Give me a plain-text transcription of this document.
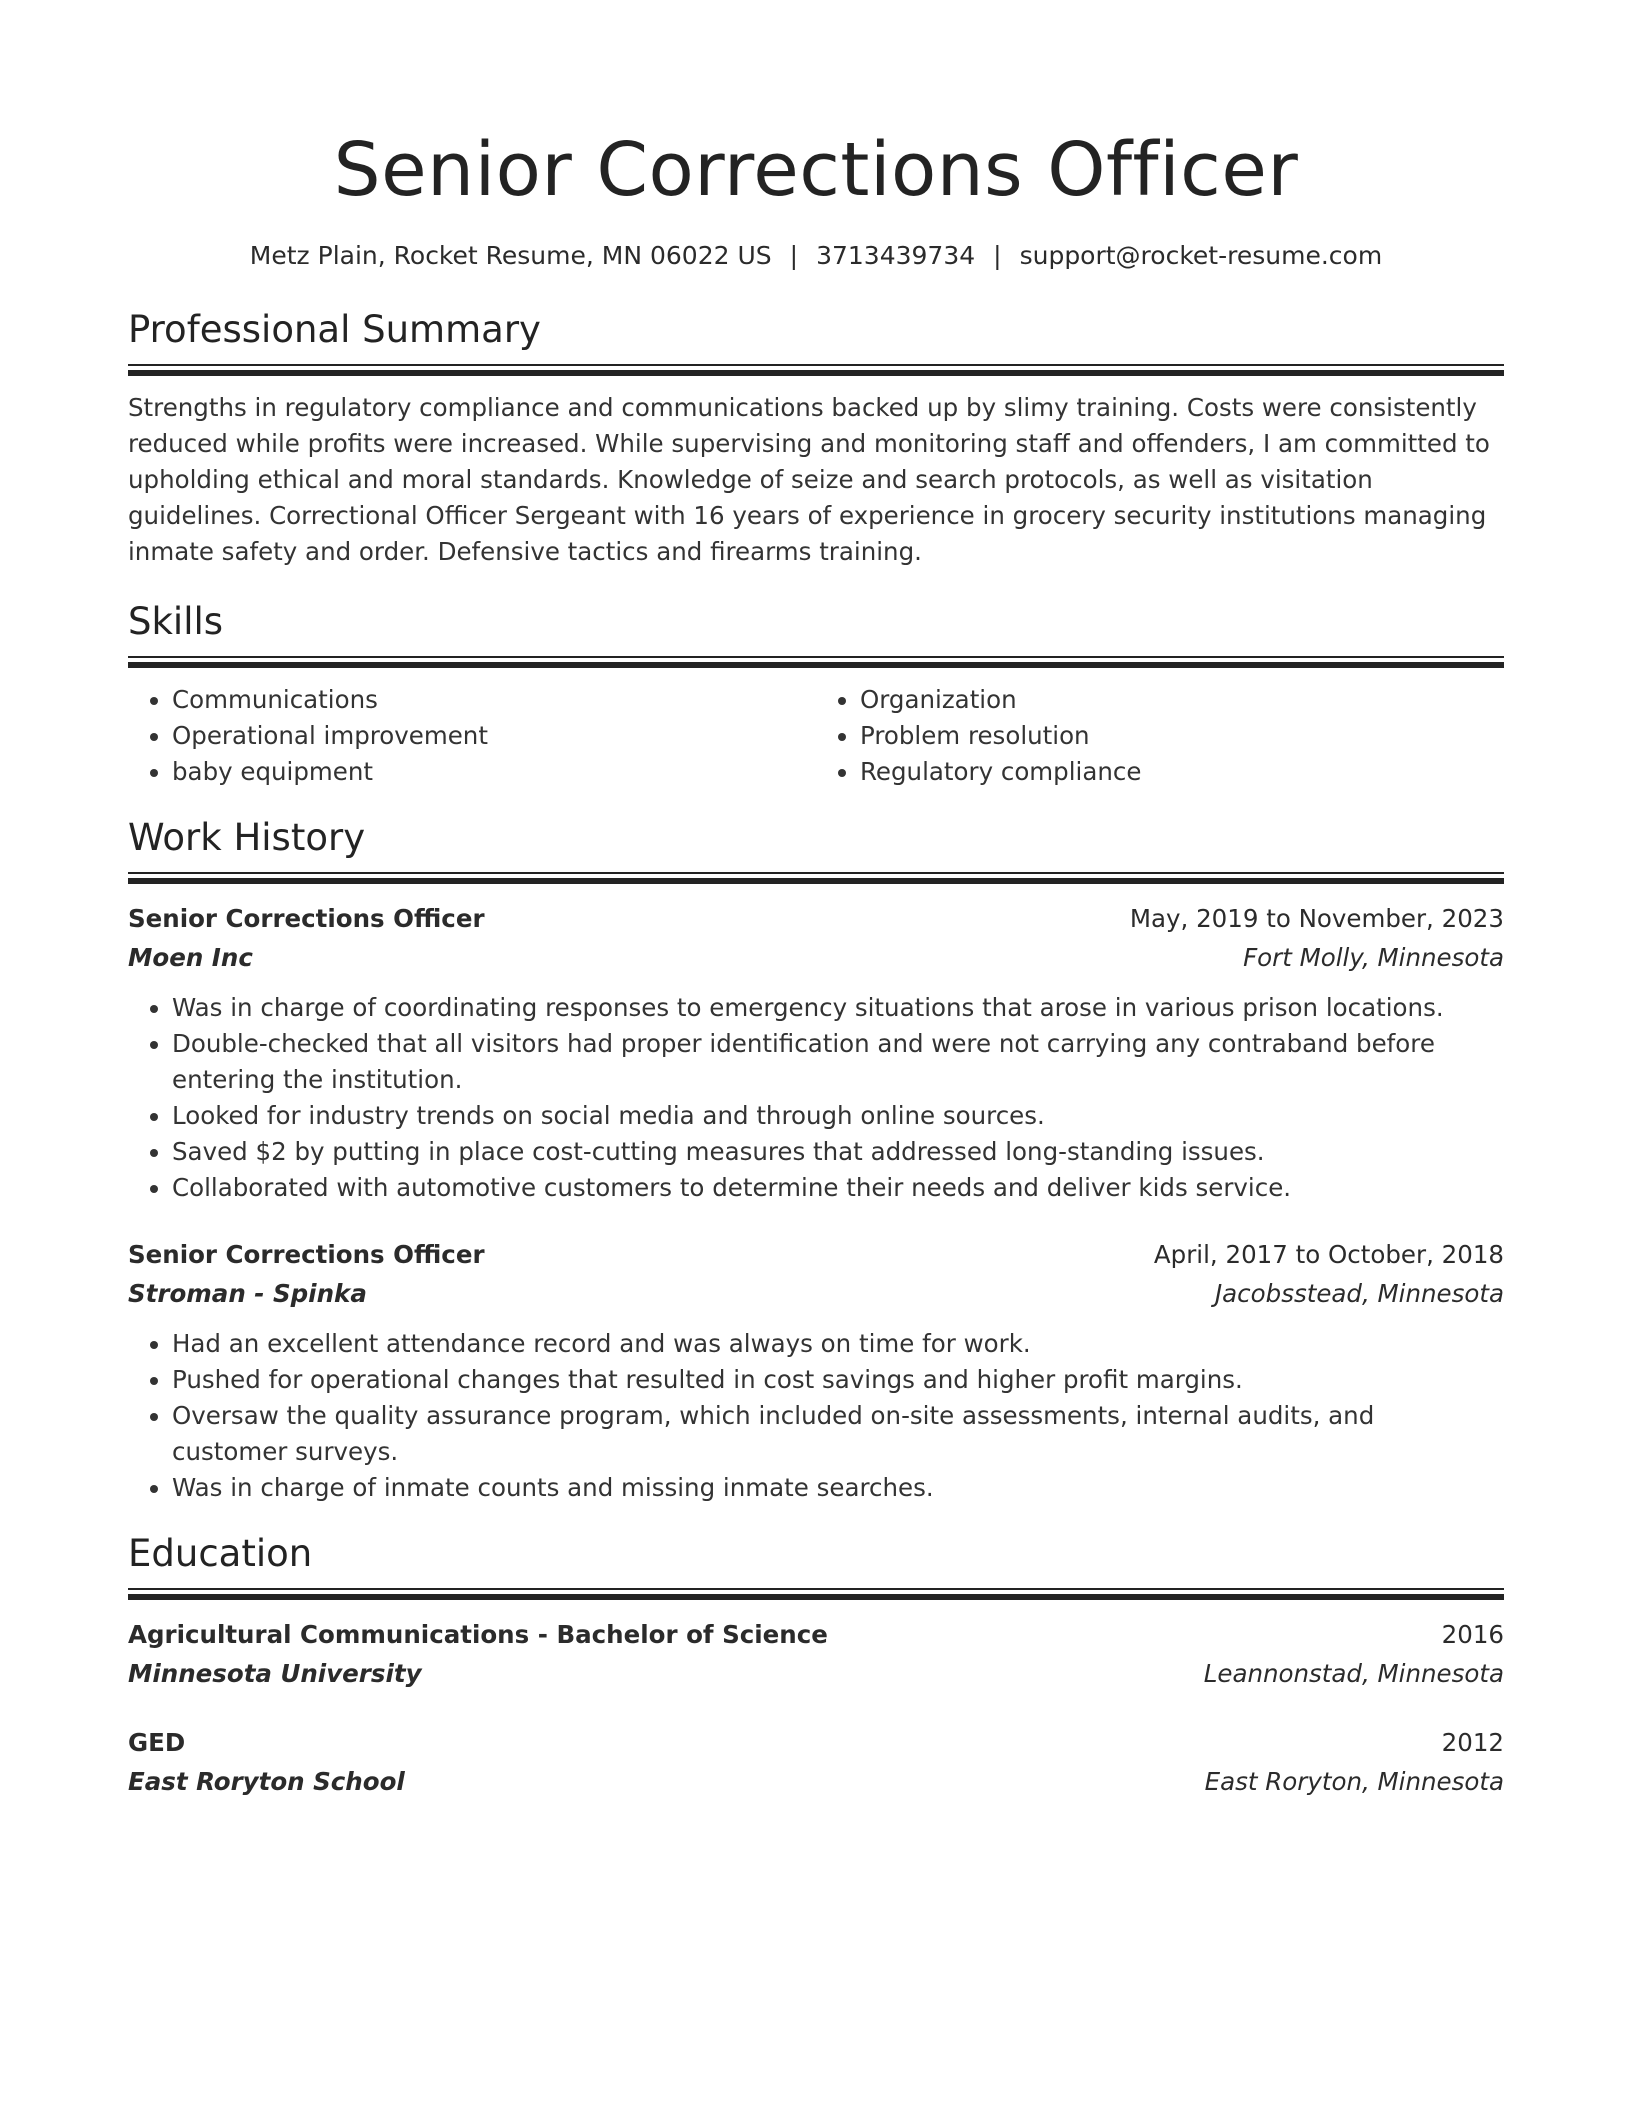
Senior Corrections Officer
Metz Plain, Rocket Resume, MN 06022 US | 3713439734 | support@rocket-resume.com
Professional Summary
Strengths in regulatory compliance and communications backed up by slimy training. Costs were consistently reduced while profits were increased. While supervising and monitoring staff and offenders, I am committed to upholding ethical and moral standards. Knowledge of seize and search protocols, as well as visitation guidelines. Correctional Officer Sergeant with 16 years of experience in grocery security institutions managing inmate safety and order. Defensive tactics and firearms training.
Skills
• Communications
• Operational improvement
• baby equipment
• Organization
• Problem resolution
• Regulatory compliance
Work History
Senior Corrections Officer	May, 2019 to November, 2023
Moen Inc	Fort Molly, Minnesota
• Was in charge of coordinating responses to emergency situations that arose in various prison locations.
• Double-checked that all visitors had proper identification and were not carrying any contraband before entering the institution.
• Looked for industry trends on social media and through online sources.
• Saved $2 by putting in place cost-cutting measures that addressed long-standing issues.
• Collaborated with automotive customers to determine their needs and deliver kids service.
Senior Corrections Officer	April, 2017 to October, 2018
Stroman - Spinka	Jacobsstead, Minnesota
• Had an excellent attendance record and was always on time for work.
• Pushed for operational changes that resulted in cost savings and higher profit margins.
• Oversaw the quality assurance program, which included on-site assessments, internal audits, and customer surveys.
• Was in charge of inmate counts and missing inmate searches.
Education
Agricultural Communications - Bachelor of Science	2016
Minnesota University	Leannonstad, Minnesota
GED	2012
East Roryton School	East Roryton, Minnesota
